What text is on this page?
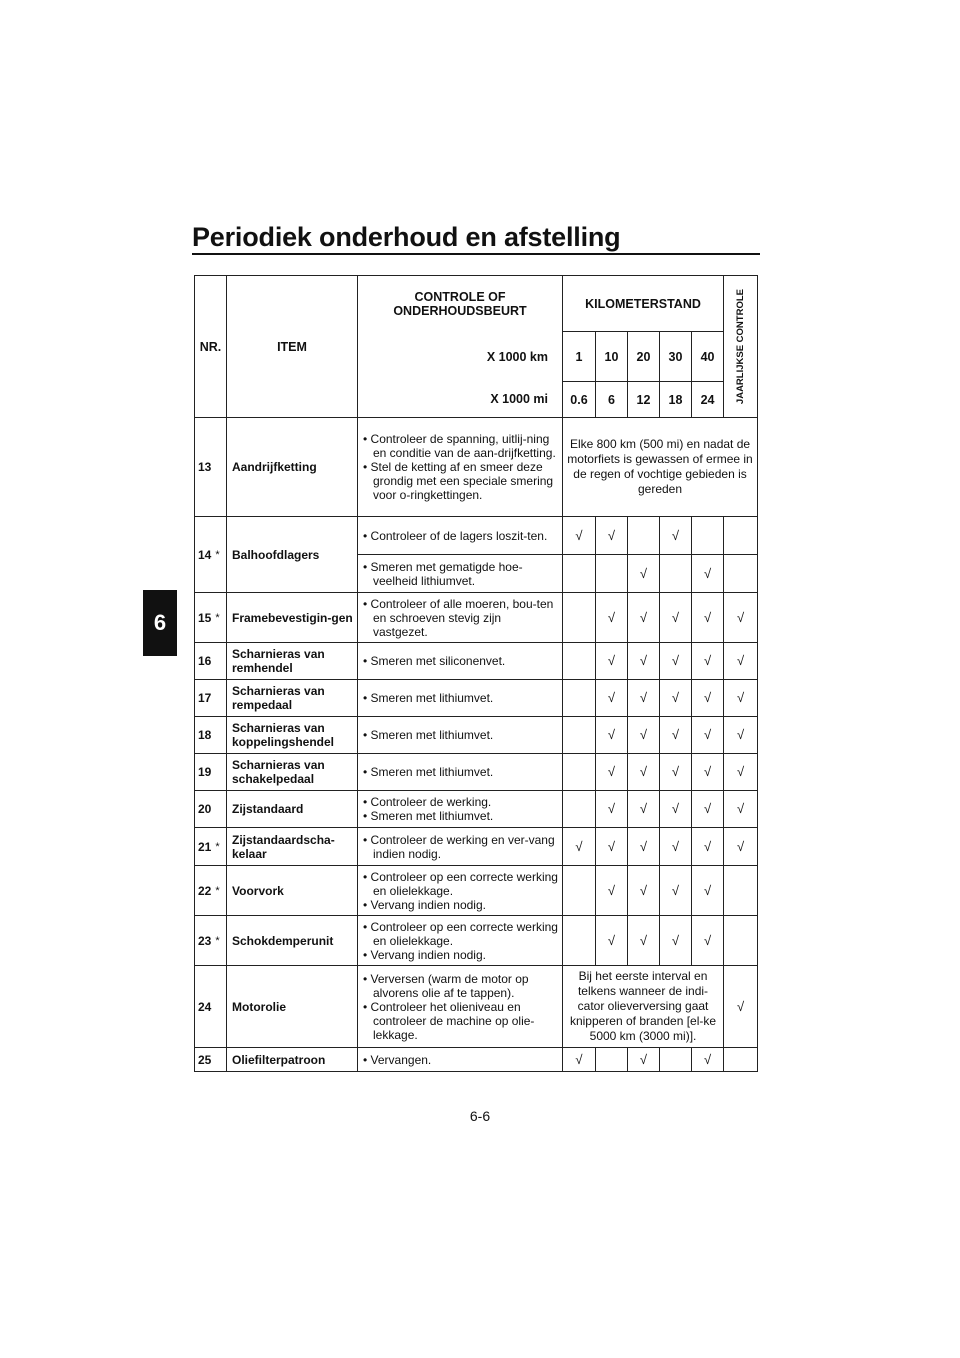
Periodiek onderhoud en afstelling
6
NR.	ITEM	CONTROLE OF ONDERHOUDSBEURT	KILOMETERSTAND					JAARLIJKSE CONTROLE

		X 1000 km	1	10	20	30	40	
		X 1000 mi	0.6	6	12	18	24	
13	Aandrijfketting	• Controleer de spanning, uitlij-ning en conditie van de aan-drijfketting.
• Stel de ketting af en smeer deze grondig met een speciale smering voor o-ringkettingen.	Elke 800 km (500 mi) en nadat de motorfiets is gewassen of ermee in de regen of vochtige gebieden is gereden					
14 *	Balhoofdlagers	• Controleer of de lagers loszit-ten.	√	√		√		

		• Smeren met gematigde hoe-veelheid lithiumvet.			√		√	
15 *	Framebevestigin-gen	• Controleer of alle moeren, bou-ten en schroeven stevig zijn vastgezet.		√	√	√	√	√
16	Scharnieras van remhendel	• Smeren met siliconenvet.		√	√	√	√	√
17	Scharnieras van rempedaal	• Smeren met lithiumvet.		√	√	√	√	√
18	Scharnieras van koppelingshendel	• Smeren met lithiumvet.		√	√	√	√	√
19	Scharnieras van schakelpedaal	• Smeren met lithiumvet.		√	√	√	√	√
20	Zijstandaard	• Controleer de werking.
• Smeren met lithiumvet.		√	√	√	√	√
21 *	Zijstandaardscha-kelaar	• Controleer de werking en ver-vang indien nodig.	√	√	√	√	√	√
22 *	Voorvork	• Controleer op een correcte werking en olielekkage.
• Vervang indien nodig.		√	√	√	√	
23 *	Schokdemperunit	• Controleer op een correcte werking en olielekkage.
• Vervang indien nodig.		√	√	√	√	
24	Motorolie	• Verversen (warm de motor op alvorens olie af te tappen).
• Controleer het olieniveau en controleer de machine op olie-lekkage.	Bij het eerste interval en telkens wanneer de indi-cator olieverversing gaat knipperen of branden [el-ke 5000 km (3000 mi)].					√
25	Oliefilterpatroon	• Vervangen.	√		√		√	
6-6
